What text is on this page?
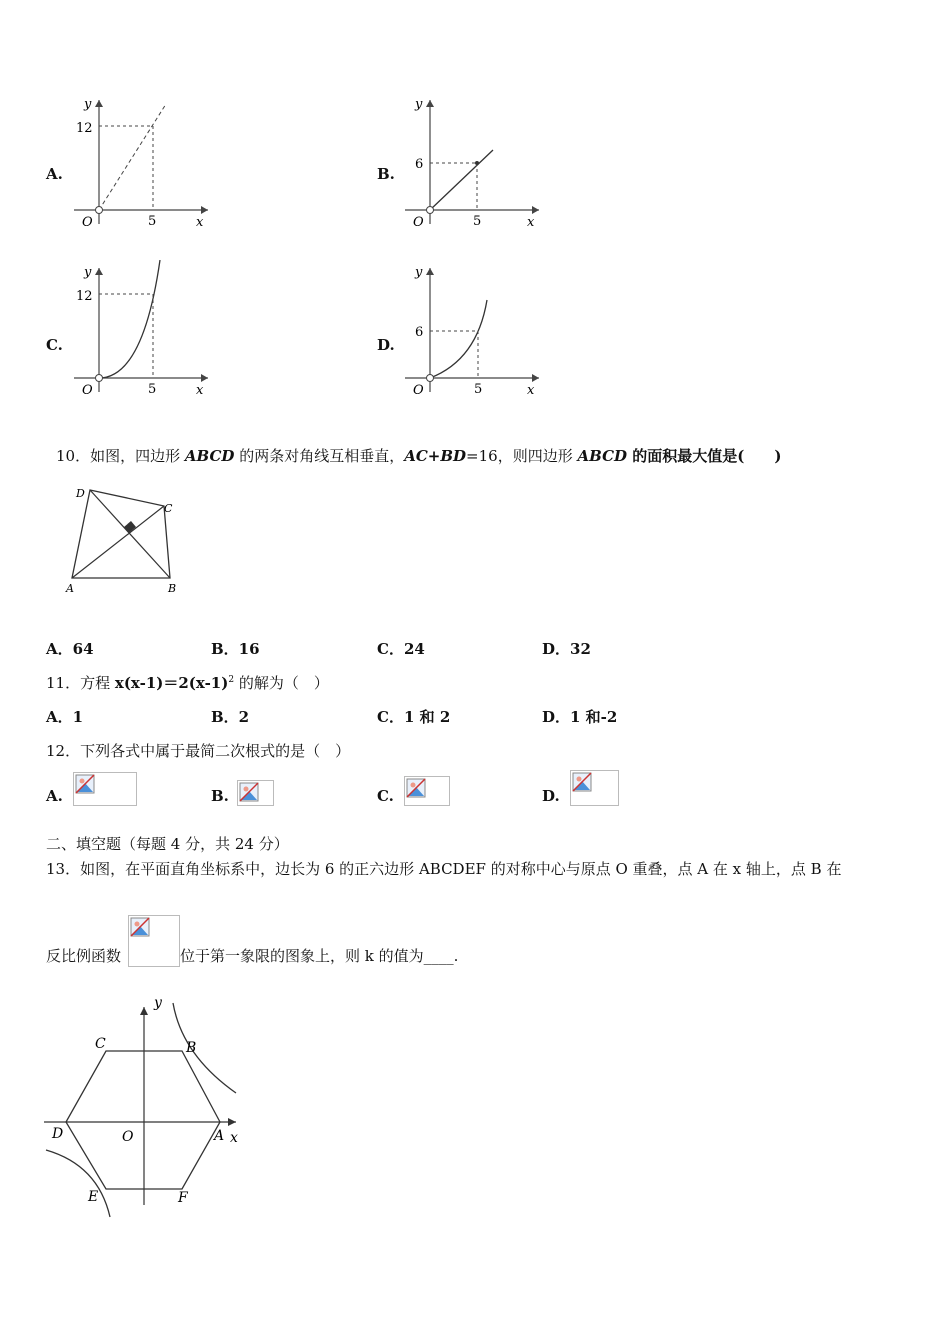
A.
y
12
O	5	x
B.
y
6
O	5	x
C.
y
12
O	5	x
D.
y
6
O	5	x
10．如图，四边形 ABCD 的两条对角线互相垂直，AC+BD=16，则四边形 ABCD 的面积最大值是(　　)
D
C
A	B
A．64	B．16	C．24	D．32
11．方程 $x(x-1)=2(x-1)^2$ 的解为（　）
A．1	B．2	C．1 和 2	D．1 和-2
12．下列各式中属于最简二次根式的是（　）
A.	B.	C.	D.
二、填空题（每题 4 分，共 24 分）
13．如图，在平面直角坐标系中，边长为 6 的正六边形 ABCDEF 的对称中心与原点 O 重叠，点 A 在 x 轴上，点 B 在
反比例函数	位于第一象限的图象上，则 k 的值为____.
y
x
C	B
D	O	A
E	F
